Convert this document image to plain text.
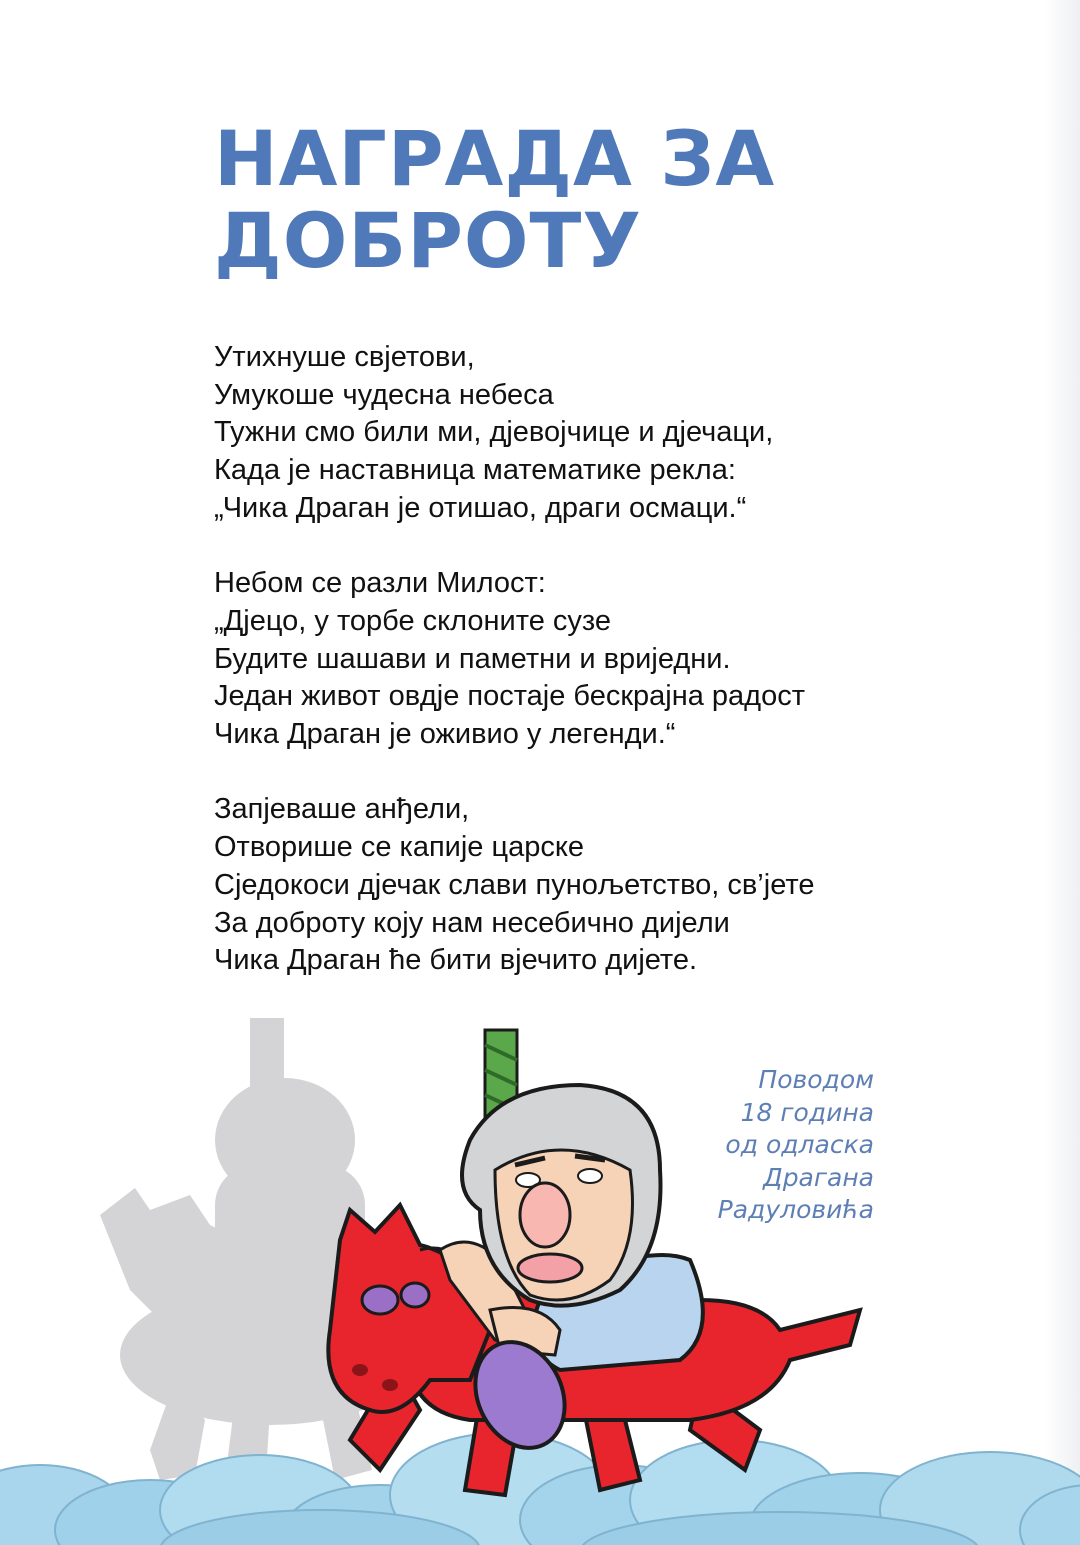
НАГРАДА ЗА
ДОБРОТУ

Утихнуше свјетови,
Умукоше чудесна небеса
Тужни смо били ми, дјевојчице и дјечаци,
Када је наставница математике рекла:
„Чика Драган је отишао, драги осмаци.“

Небом се разли Милост:
„Дјецо, у торбе склоните сузе
Будите шашави и паметни и вриједни.
Један живот овдје постаје бескрајна радост
Чика Драган је оживио у легенди.“

Запјеваше анђели,
Отворише се капије царске
Сједокоси дјечак слави пунољетство, св’јете
За доброту коју нам несебично дијели
Чика Драган ће бити вјечито дијете.

Поводом
18 година
од одласка
Драгана
Радуловића
